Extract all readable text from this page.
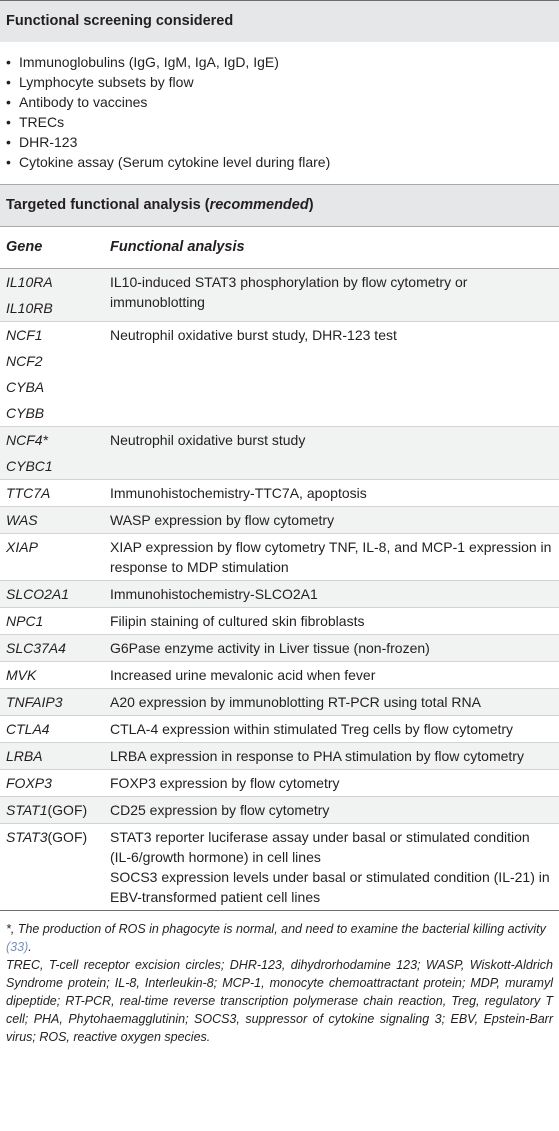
Functional screening considered
• Immunoglobulins (IgG, IgM, IgA, IgD, IgE)
• Lymphocyte subsets by flow
• Antibody to vaccines
• TRECs
• DHR-123
• Cytokine assay (Serum cytokine level during flare)
Targeted functional analysis (recommended)
Gene	Functional analysis

IL10RA
IL10RB	IL10-induced STAT3 phosphorylation by flow cytometry or immunoblotting

NCF1
NCF2
CYBA
CYBB	Neutrophil oxidative burst study, DHR-123 test

NCF4*
CYBC1	Neutrophil oxidative burst study

TTC7A	Immunohistochemistry-TTC7A, apoptosis

WAS	WASP expression by flow cytometry

XIAP	XIAP expression by flow cytometry TNF, IL-8, and MCP-1 expression in response to MDP stimulation

SLCO2A1	Immunohistochemistry-SLCO2A1

NPC1	Filipin staining of cultured skin fibroblasts

SLC37A4	G6Pase enzyme activity in Liver tissue (non-frozen)

MVK	Increased urine mevalonic acid when fever

TNFAIP3	A20 expression by immunoblotting RT-PCR using total RNA

CTLA4	CTLA-4 expression within stimulated Treg cells by flow cytometry

LRBA	LRBA expression in response to PHA stimulation by flow cytometry

FOXP3	FOXP3 expression by flow cytometry

STAT1(GOF)	CD25 expression by flow cytometry

STAT3(GOF)	STAT3 reporter luciferase assay under basal or stimulated condition (IL-6/growth hormone) in cell lines
SOCS3 expression levels under basal or stimulated condition (IL-21) in EBV-transformed patient cell lines

*, The production of ROS in phagocyte is normal, and need to examine the bacterial killing activity (33).

TREC, T-cell receptor excision circles; DHR-123, dihydrorhodamine 123; WASP, Wiskott-Aldrich Syndrome protein; IL-8, Interleukin-8; MCP-1, monocyte chemoattractant protein; MDP, muramyl dipeptide; RT-PCR, real-time reverse transcription polymerase chain reaction, Treg, regulatory T cell; PHA, Phytohaemagglutinin; SOCS3, suppressor of cytokine signaling 3; EBV, Epstein-Barr virus; ROS, reactive oxygen species.
